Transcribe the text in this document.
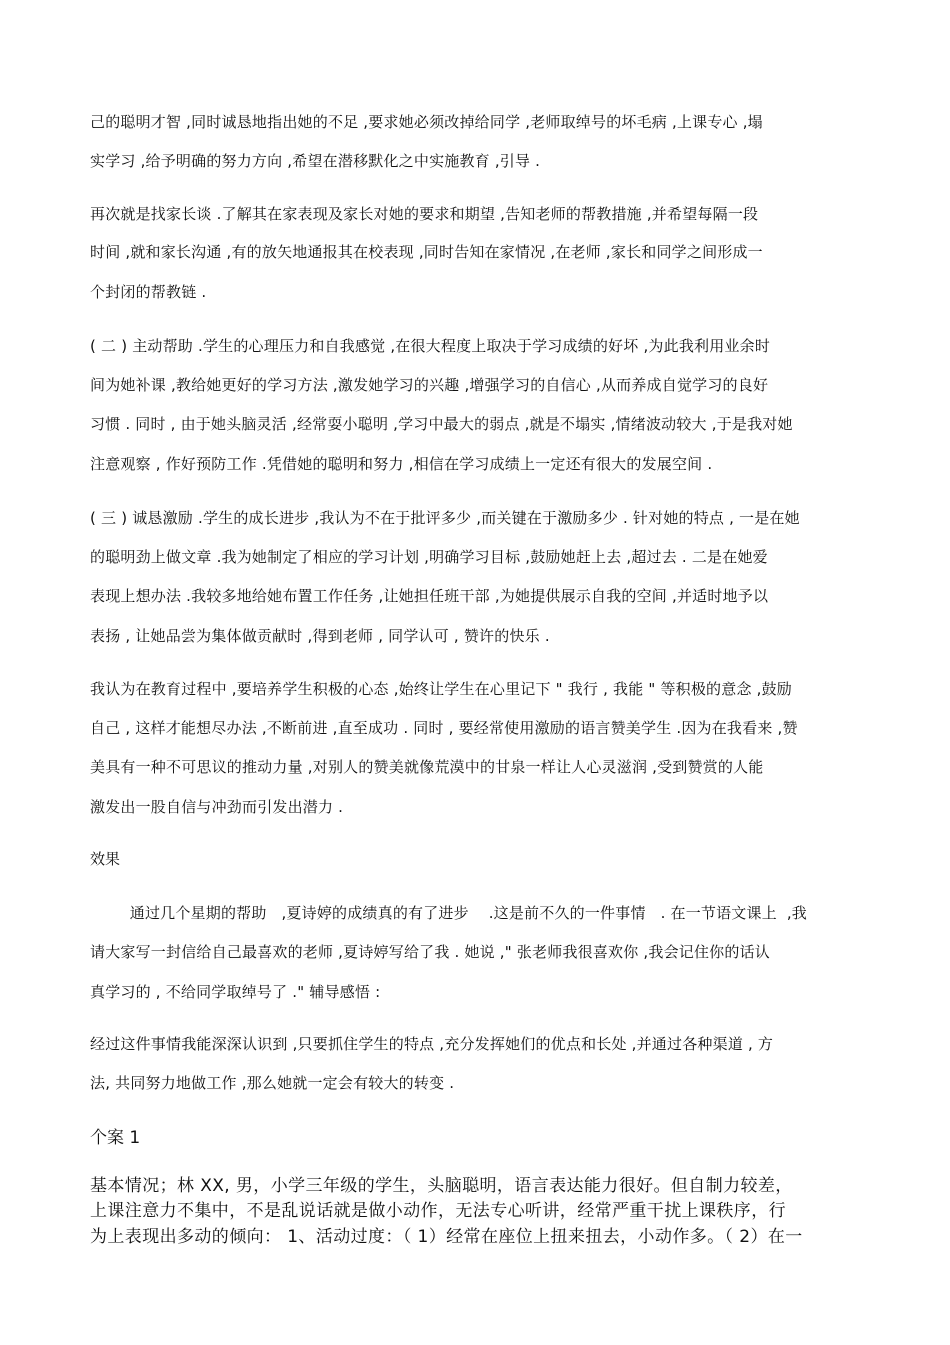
己的聪明才智 ,同时诚恳地指出她的不足 ,要求她必须改掉给同学 ,老师取绰号的坏毛病 ,上课专心 ,塌
实学习 ,给予明确的努力方向 ,希望在潜移默化之中实施教育 ,引导 .
再次就是找家长谈 .了解其在家表现及家长对她的要求和期望 ,告知老师的帮教措施 ,并希望每隔一段
时间 ,就和家长沟通 ,有的放矢地通报其在校表现 ,同时告知在家情况 ,在老师 ,家长和同学之间形成一
个封闭的帮教链 .
( 二 ) 主动帮助 .学生的心理压力和自我感觉 ,在很大程度上取决于学习成绩的好坏 ,为此我利用业余时
间为她补课 ,教给她更好的学习方法 ,激发她学习的兴趣 ,增强学习的自信心 ,从而养成自觉学习的良好
习惯 . 同时 , 由于她头脑灵活 ,经常耍小聪明 ,学习中最大的弱点 ,就是不塌实 ,情绪波动较大 ,于是我对她
注意观察 , 作好预防工作 .凭借她的聪明和努力 ,相信在学习成绩上一定还有很大的发展空间 .
( 三 ) 诚恳激励 .学生的成长进步 ,我认为不在于批评多少 ,而关键在于激励多少 . 针对她的特点 , 一是在她
的聪明劲上做文章 .我为她制定了相应的学习计划 ,明确学习目标 ,鼓励她赶上去 ,超过去 . 二是在她爱
表现上想办法 .我较多地给她布置工作任务 ,让她担任班干部 ,为她提供展示自我的空间 ,并适时地予以
表扬 , 让她品尝为集体做贡献时 ,得到老师 , 同学认可 , 赞许的快乐 .
我认为在教育过程中 ,要培养学生积极的心态 ,始终让学生在心里记下 " 我行 , 我能 " 等积极的意念 ,鼓励
自己 , 这样才能想尽办法 ,不断前进 ,直至成功 . 同时 , 要经常使用激励的语言赞美学生 .因为在我看来 ,赞
美具有一种不可思议的推动力量 ,对别人的赞美就像荒漠中的甘泉一样让人心灵滋润 ,受到赞赏的人能
激发出一股自信与冲劲而引发出潜力 .
效果
通过几个星期的帮助   ,夏诗婷的成绩真的有了进步    .这是前不久的一件事情   . 在一节语文课上  ,我
请大家写一封信给自己最喜欢的老师 ,夏诗婷写给了我 . 她说 ," 张老师我很喜欢你 ,我会记住你的话认
真学习的 , 不给同学取绰号了 ." 辅导感悟 :
经过这件事情我能深深认识到 ,只要抓住学生的特点 ,充分发挥她们的优点和长处 ,并通过各种渠道 , 方
法, 共同努力地做工作 ,那么她就一定会有较大的转变 .
个案 1
基本情况；林 XX, 男，小学三年级的学生，头脑聪明，语言表达能力很好。但自制力较差，
上课注意力不集中，不是乱说话就是做小动作，无法专心听讲，经常严重干扰上课秩序，行
为上表现出多动的倾向： 1、活动过度：（ 1）经常在座位上扭来扭去，小动作多。（ 2）在一
